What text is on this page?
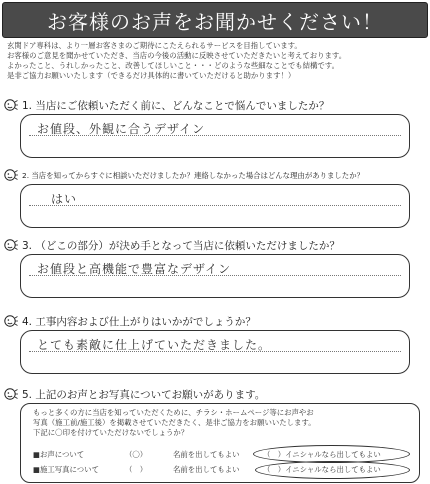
お客様のお声をお聞かせください！
玄関ドア専科は、より一層お客さまのご期待にこたえられるサービスを目指しています。
お客様のご意見を聞かせていただき、当店の今後の活動に反映させていただきたいと考えております。
よかったこと、うれしかったこと、改善してほしいこと・・・どのような些細なことでも結構です。
是非ご協力お願いいたします（できるだけ具体的に書いていただけると助かります！）
1. 当店にご依頼いただく前に、どんなことで悩んでいましたか？
お値段、外観に合うデザイン
2. 当店を知ってからすぐに相談いただけましたか？連絡しなかった場合はどんな理由がありましたか？
はい
3. （どこの部分）が決め手となって当店に依頼いただけましたか？
お値段と高機能で豊富なデザイン
4. 工事内容および仕上がりはいかがでしょうか？
とても素敵に仕上げていただきました。
5. 上記のお声とお写真についてお願いがあります。
もっと多くの方に当店を知っていただくために、チラシ・ホームページ等にお声やお
写真（施工前/施工後）を掲載させていただきたく、是非ご協力をお願いいたします。
下記に〇印を付けていただけないでしょうか？
■お声について	（〇）	名前を出してもよい	（　）イニシャルなら出してもよい
■施工写真について	（　）	名前を出してもよい	（　）イニシャルなら出してもよい
